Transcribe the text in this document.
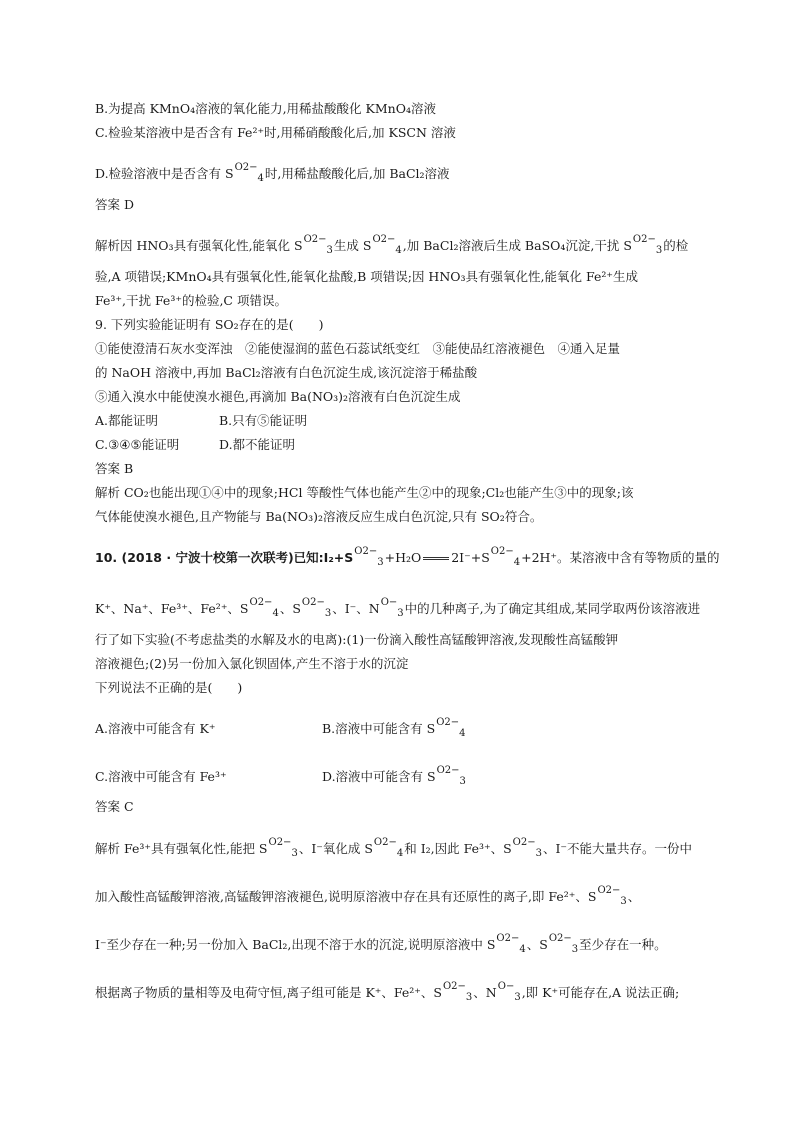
B.为提高 KMnO₄溶液的氧化能力,用稀盐酸酸化 KMnO₄溶液
C.检验某溶液中是否含有 Fe²⁺时,用稀硝酸酸化后,加 KSCN 溶液
D.检验溶液中是否含有 SO2−4时,用稀盐酸酸化后,加 BaCl₂溶液
答案 D
解析因 HNO₃具有强氧化性,能氧化 SO2−3生成 SO2−4,加 BaCl₂溶液后生成 BaSO₄沉淀,干扰 SO2−3的检
验,A 项错误;KMnO₄具有强氧化性,能氧化盐酸,B 项错误;因 HNO₃具有强氧化性,能氧化 Fe²⁺生成
Fe³⁺,干扰 Fe³⁺的检验,C 项错误。
9. 下列实验能证明有 SO₂存在的是(　　)
①能使澄清石灰水变浑浊　②能使湿润的蓝色石蕊试纸变红　③能使品红溶液褪色　④通入足量
的 NaOH 溶液中,再加 BaCl₂溶液有白色沉淀生成,该沉淀溶于稀盐酸
⑤通入溴水中能使溴水褪色,再滴加 Ba(NO₃)₂溶液有白色沉淀生成
A.都能证明	B.只有⑤能证明
C.③④⑤能证明	D.都不能证明
答案 B
解析 CO₂也能出现①④中的现象;HCl 等酸性气体也能产生②中的现象;Cl₂也能产生③中的现象;该
气体能使溴水褪色,且产物能与 Ba(NO₃)₂溶液反应生成白色沉淀,只有 SO₂符合。
10. (2018 · 宁波十校第一次联考)已知:I₂+SO2−3+H₂O 2I⁻+SO2−4+2H⁺。某溶液中含有等物质的量的
K⁺、Na⁺、Fe³⁺、Fe²⁺、SO2−4、SO2−3、I⁻、NO−3中的几种离子,为了确定其组成,某同学取两份该溶液进
行了如下实验(不考虑盐类的水解及水的电离):(1)一份滴入酸性高锰酸钾溶液,发现酸性高锰酸钾
溶液褪色;(2)另一份加入氯化钡固体,产生不溶于水的沉淀
下列说法不正确的是(　　)
A.溶液中可能含有 K⁺	B.溶液中可能含有 SO2−4
C.溶液中可能含有 Fe³⁺	D.溶液中可能含有 SO2−3
答案 C
解析 Fe³⁺具有强氧化性,能把 SO2−3、I⁻氧化成 SO2−4和 I₂,因此 Fe³⁺、SO2−3、I⁻不能大量共存。一份中
加入酸性高锰酸钾溶液,高锰酸钾溶液褪色,说明原溶液中存在具有还原性的离子,即 Fe²⁺、SO2−3、
I⁻至少存在一种;另一份加入 BaCl₂,出现不溶于水的沉淀,说明原溶液中 SO2−4、SO2−3至少存在一种。
根据离子物质的量相等及电荷守恒,离子组可能是 K⁺、Fe²⁺、SO2−3、NO−3,即 K⁺可能存在,A 说法正确;
